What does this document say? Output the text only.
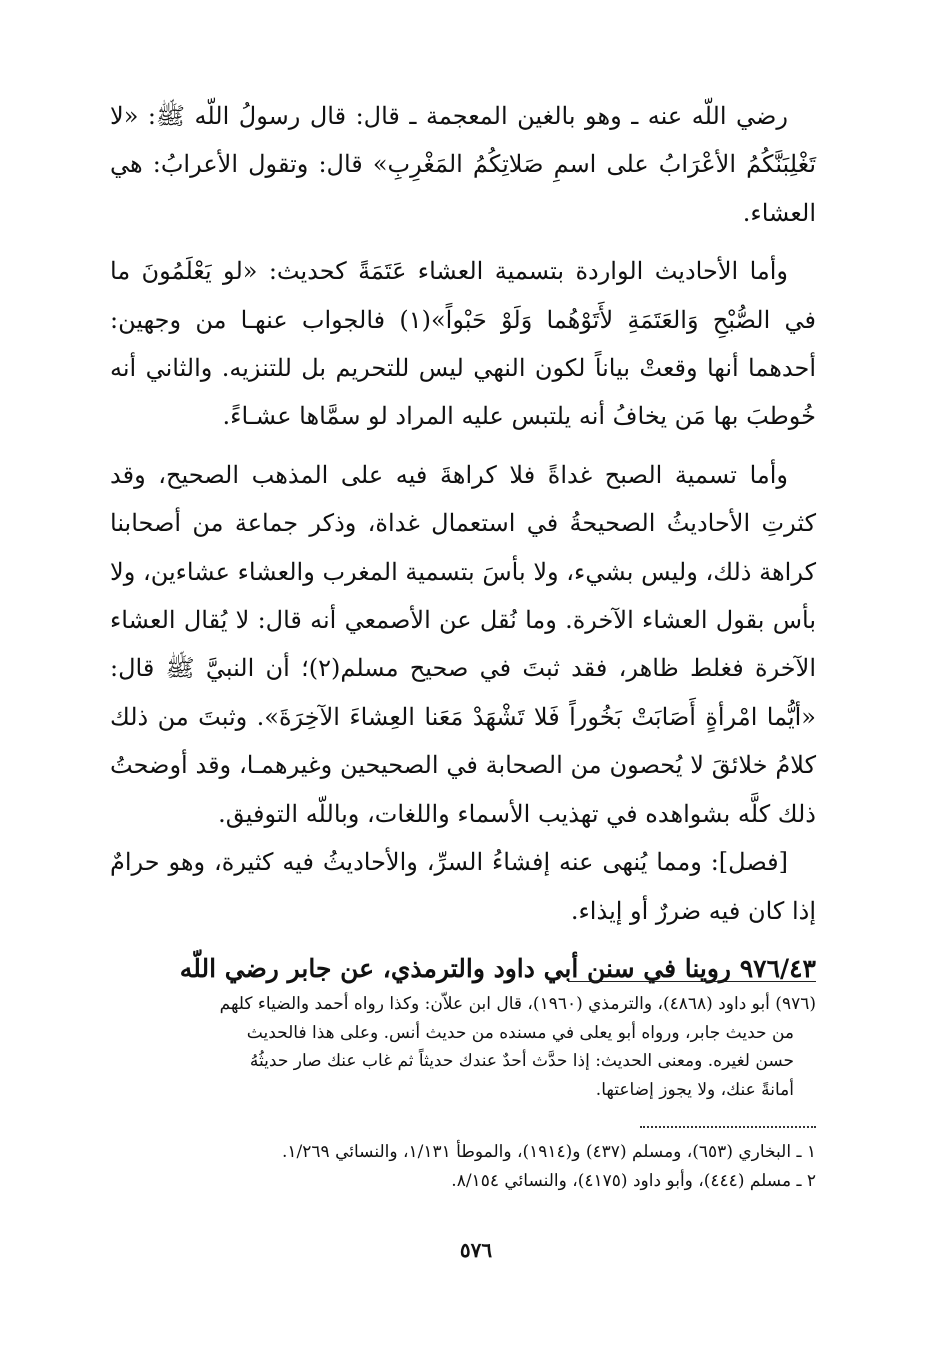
رضي اللّه عنه ـ وهو بالغين المعجمة ـ قال: قال رسولُ اللّه ﷺ: «لا تَغْلِبَنَّكُمُ الأعْرَابُ على اسمِ صَلاتِكُمُ المَغْرِبِ» قال: وتقول الأعرابُ: هي العشاء.

وأما الأحاديث الواردة بتسمية العشاء عَتَمَةً كحديث: «لو يَعْلَمُونَ ما في الصُّبْحِ وَالعَتَمَةِ لأَتَوْهُما وَلَوْ حَبْواً»(١) فالجواب عنهـا من وجهين: أحدهما أنها وقعتْ بياناً لكون النهي ليس للتحريم بل للتنزيه. والثاني أنه خُوطبَ بها مَن يخافُ أنه يلتبس عليه المراد لو سمَّاها عشـاءً.

وأما تسمية الصبح غداةً فلا كراهةَ فيه على المذهب الصحيح، وقد كثرتِ الأحاديثُ الصحيحةُ في استعمال غداة، وذكر جماعة من أصحابنا كراهة ذلك، وليس بشيء، ولا بأسَ بتسمية المغرب والعشاء عشاءين، ولا بأس بقول العشاء الآخرة. وما نُقل عن الأصمعي أنه قال: لا يُقال العشاء الآخرة فغلط ظاهر، فقد ثبتَ في صحيح مسلم(٢)؛ أن النبيَّ ﷺ قال: «أيُّما امْرأةٍ أَصَابَتْ بَخُوراً فَلا تَشْهَدْ مَعَنا العِشاءَ الآخِرَةَ». وثبتَ من ذلك كلامُ خلائقَ لا يُحصون من الصحابة في الصحيحين وغيرهمـا، وقد أوضحتُ ذلك كلَّه بشواهده في تهذيب الأسماء واللغات، وباللّه التوفيق.

[فصل]: ومما يُنهى عنه إفشاءُ السرِّ، والأحاديثُ فيه كثيرة، وهو حرامٌ إذا كان فيه ضررٌ أو إيذاء.

٩٧٦/٤٣ روينا في سنن أبي داود والترمذي، عن جابر رضي اللّه

(٩٧٦) أبو داود (٤٨٦٨)، والترمذي (١٩٦٠)، قال ابن علاّن: وكذا رواه أحمد والضياء كلهم
من حديث جابر، ورواه أبو يعلى في مسنده من حديث أنس. وعلى هذا فالحديث
حسن لغيره. ومعنى الحديث: إذا حدَّث أحدٌ عندك حديثاً ثم غاب عنك صار حديثُهُ
أمانةً عنك، ولا يجوز إضاعتها.
١ ـ البخاري (٦٥٣)، ومسلم (٤٣٧) و(١٩١٤)، والموطأ ١/١٣١، والنسائي ١/٢٦٩.
٢ ـ مسلم (٤٤٤)، وأبو داود (٤١٧٥)، والنسائي ٨/١٥٤.
٥٧٦
